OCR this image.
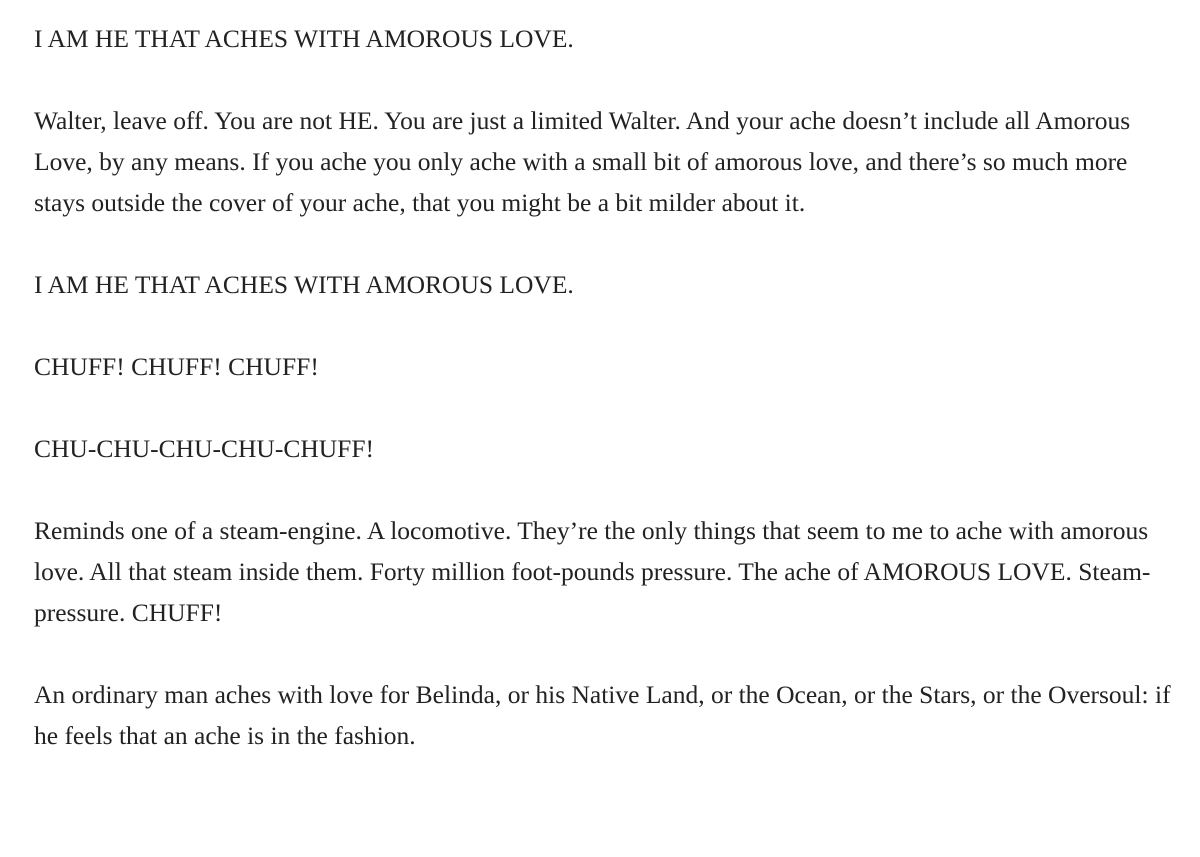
I AM HE THAT ACHES WITH AMOROUS LOVE.

Walter, leave off. You are not HE. You are just a limited Walter. And your ache doesn’t include all Amorous Love, by any means. If you ache you only ache with a small bit of amorous love, and there’s so much more stays outside the cover of your ache, that you might be a bit milder about it.

I AM HE THAT ACHES WITH AMOROUS LOVE.

CHUFF! CHUFF! CHUFF!

CHU-CHU-CHU-CHU-CHUFF!

Reminds one of a steam-engine. A locomotive. They’re the only things that seem to me to ache with amorous love. All that steam inside them. Forty million foot-pounds pressure. The ache of AMOROUS LOVE. Steam-pressure. CHUFF!

An ordinary man aches with love for Belinda, or his Native Land, or the Ocean, or the Stars, or the Oversoul: if he feels that an ache is in the fashion.
